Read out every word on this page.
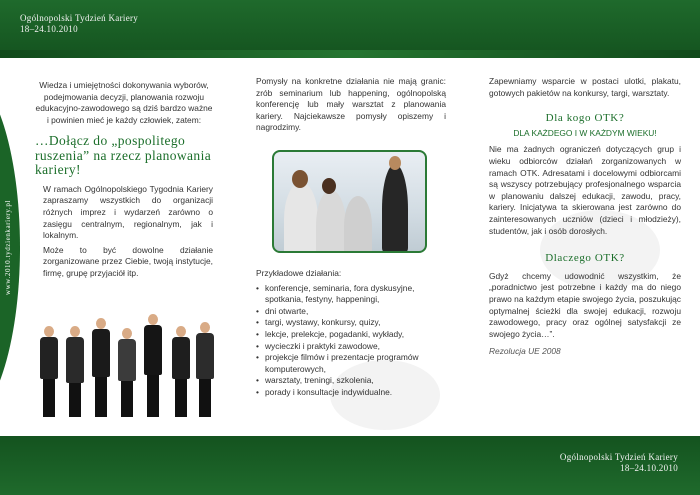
Ogólnopolski Tydzień Kariery
18–24.10.2010
Ogólnopolski Tydzień Kariery
18–24.10.2010
www.2010.tydzienkariery.pl

Wiedza i umiejętności dokonywania wyborów, podejmowania decyzji, planowania rozwoju edukacyjno-zawodowego są dziś bardzo ważne i powinien mieć je każdy człowiek, zatem:

…Dołącz do „pospolitego ruszenia” na rzecz planowania kariery!

W ramach Ogólnopolskiego Tygodnia Kariery zapraszamy wszystkich do organizacji różnych imprez i wydarzeń zarówno o zasięgu centralnym, regionalnym, jak i lokalnym.

Może to być dowolne działanie zorganizowane przez Ciebie, twoją instytucje, firmę, grupę przyjaciół itp.

Pomysły na konkretne działania nie mają granic: zrób seminarium lub happening, ogólnopolską konferencję lub mały warsztat z planowania kariery. Najciekawsze pomysły opiszemy i nagrodzimy.

Przykładowe działania:

• konferencje, seminaria, fora dyskusyjne, spotkania, festyny, happeningi,
• dni otwarte,
• targi, wystawy, konkursy, quizy,
• lekcje, prelekcje, pogadanki, wykłady,
• wycieczki i praktyki zawodowe,
• projekcje filmów i prezentacje programów komputerowych,
• warsztaty, treningi, szkolenia,
• porady i konsultacje indywidualne.

Zapewniamy wsparcie w postaci ulotki, plakatu, gotowych pakietów na konkursy, targi, warsztaty.

Dla kogo OTK?
DLA KAŻDEGO I W KAŻDYM WIEKU!

Nie ma żadnych ograniczeń dotyczących grup i wieku odbiorców działań zorganizowanych w ramach OTK. Adresatami i docelowymi odbiorcami są wszyscy potrzebujący profesjonalnego wsparcia w planowaniu dalszej edukacji, zawodu, pracy, kariery. Inicjatywa ta skierowana jest zarówno do zainteresowanych uczniów (dzieci i młodzieży), studentów, jak i osób dorosłych.

Dlaczego OTK?

Gdyż chcemy udowodnić wszystkim, że „poradnictwo jest potrzebne i każdy ma do niego prawo na każdym etapie swojego życia, poszukując optymalnej ścieżki dla swojej edukacji, rozwoju zawodowego, pracy oraz ogólnej satysfakcji ze swojego życia…”.

Rezolucja UE 2008
